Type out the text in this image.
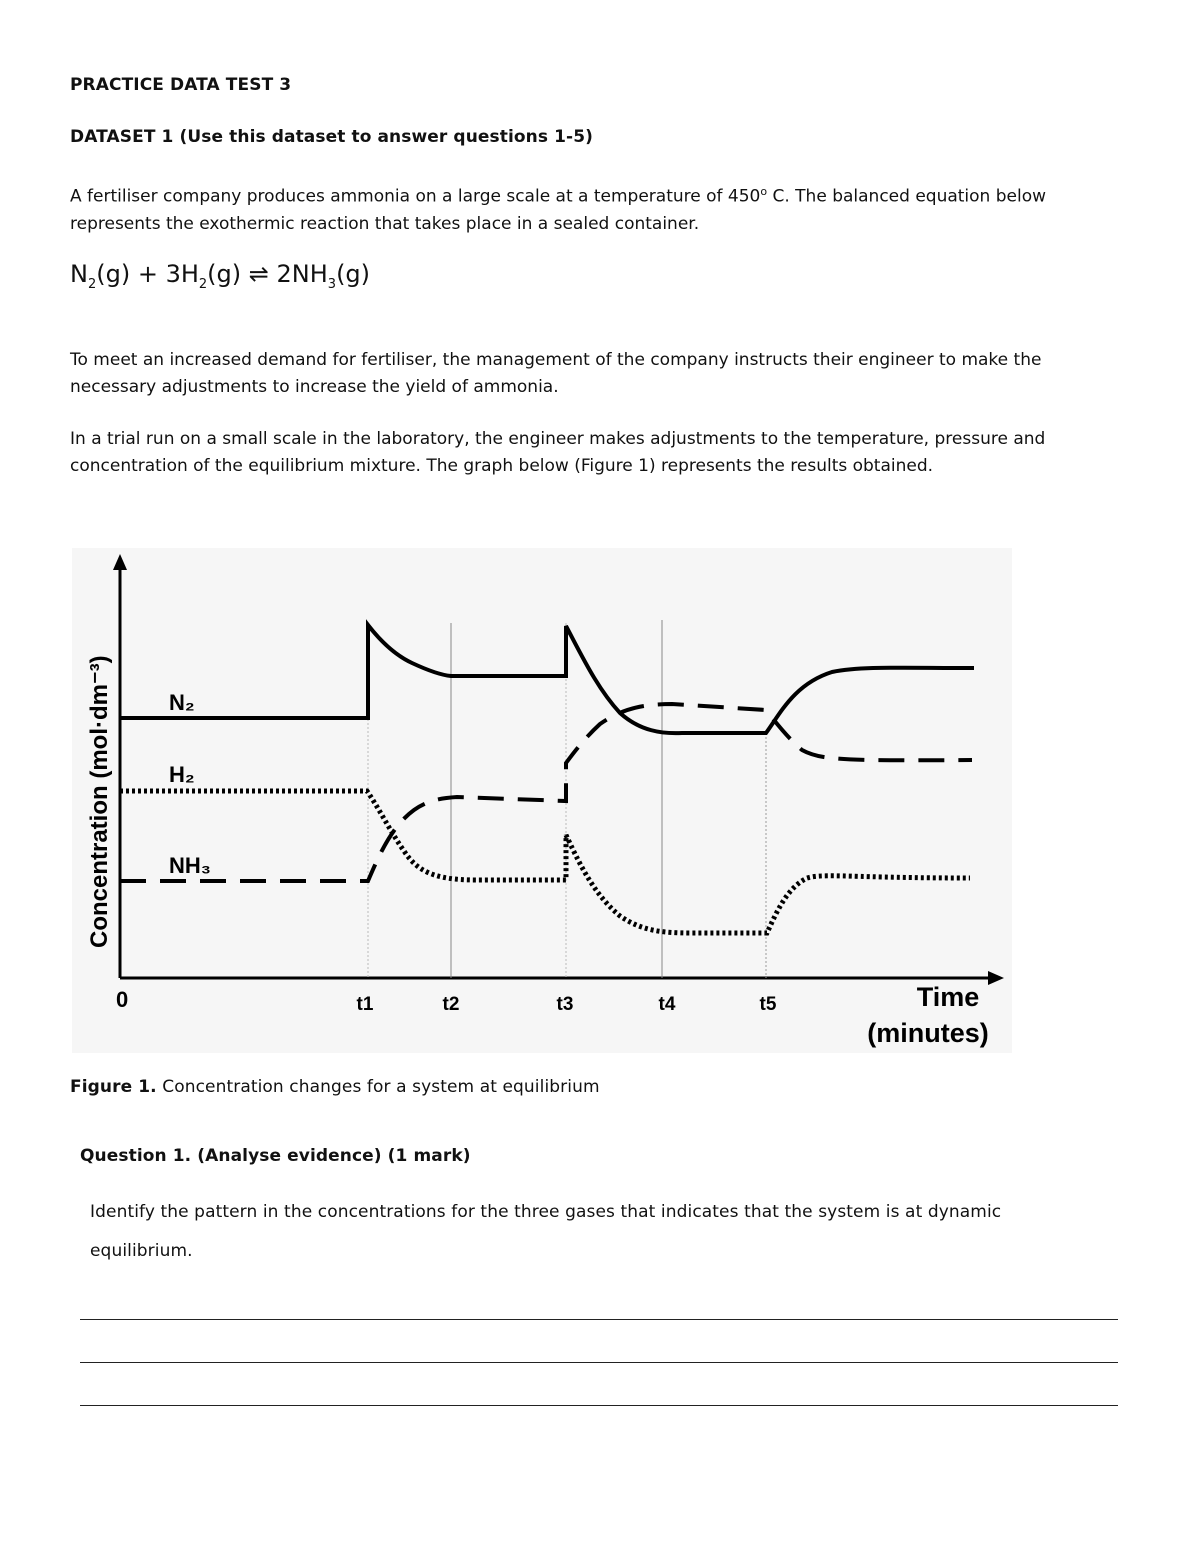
PRACTICE DATA TEST 3
DATASET 1 (Use this dataset to answer questions 1-5)
A fertiliser company produces ammonia on a large scale at a temperature of 450$^o$ C. The balanced equation below
represents the exothermic reaction that takes place in a sealed container.
$N_2(g) + 3H_2(g)$ ⇌ $2NH_3(g)$
To meet an increased demand for fertiliser, the management of the company instructs their engineer to make the
necessary adjustments to increase the yield of ammonia.
In a trial run on a small scale in the laboratory, the engineer makes adjustments to the temperature, pressure and
concentration of the equilibrium mixture. The graph below (Figure 1) represents the results obtained.
N₂
H₂
NH₃
Concentration (mol·dm⁻³)
0	t1	t2	t3	t4	t5	Time
(minutes)
Figure 1. Concentration changes for a system at equilibrium
Question 1. (Analyse evidence) (1 mark)
Identify the pattern in the concentrations for the three gases that indicates that the system is at dynamic
equilibrium.
